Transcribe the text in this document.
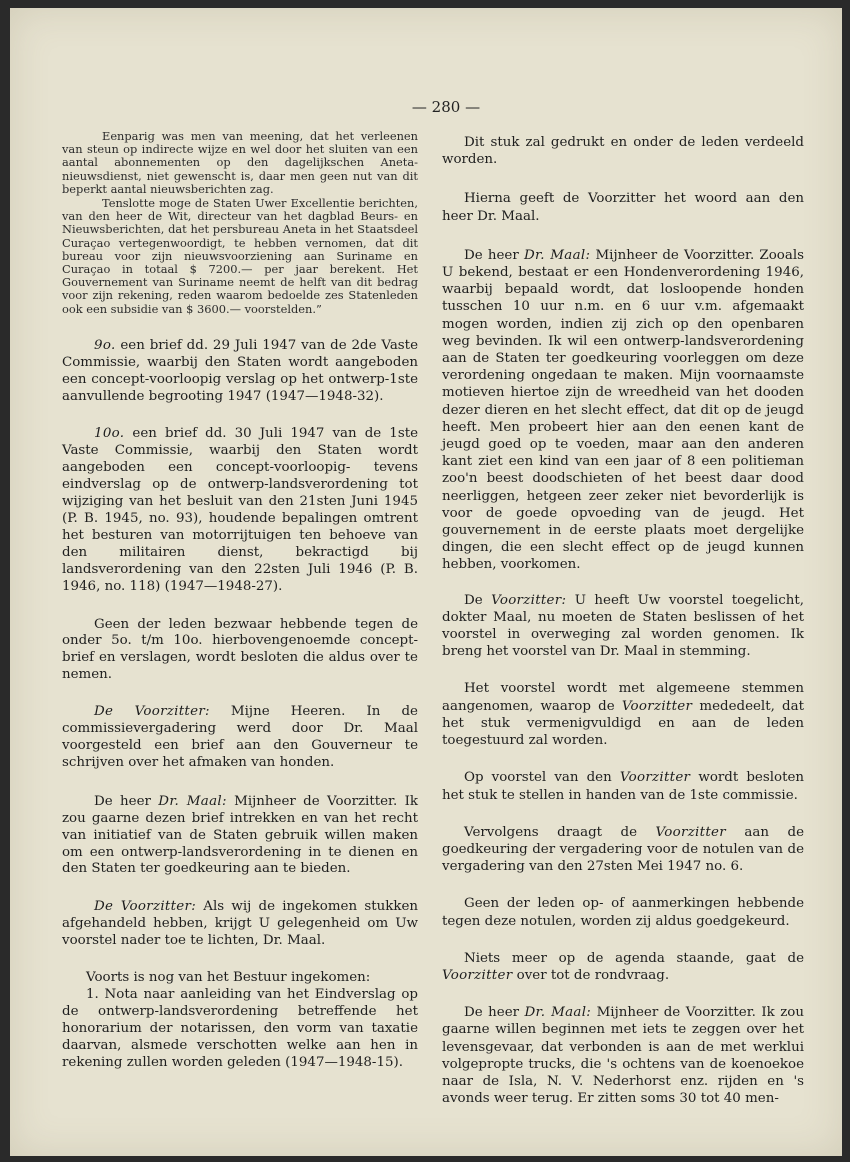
— 280 —

Eenparig was men van meening, dat het verleenen van steun op indirecte wijze en wel door het sluiten van een aantal abonnementen op den dagelijkschen Aneta-nieuwsdienst, niet gewenscht is, daar men geen nut van dit beperkt aantal nieuwsberichten zag.

Tenslotte moge de Staten Uwer Excellentie berichten, van den heer de Wit, directeur van het dagblad Beurs- en Nieuwsberichten, dat het persbureau Aneta in het Staatsdeel Curaçao vertegenwoordigt, te hebben vernomen, dat dit bureau voor zijn nieuwsvoorziening aan Suriname en Curaçao in totaal $ 7200.— per jaar berekent. Het Gouvernement van Suriname neemt de helft van dit bedrag voor zijn rekening, reden waarom bedoelde zes Statenleden ook een subsidie van $ 3600.— voorstelden.”

9o. een brief dd. 29 Juli 1947 van de 2de Vaste Commissie, waarbij den Staten wordt aangeboden een concept-voorloopig verslag op het ontwerp-1ste aanvullende begrooting 1947 (1947—1948-32).

10o. een brief dd. 30 Juli 1947 van de 1ste Vaste Commissie, waarbij den Staten wordt aangeboden een concept-voorloopig- tevens eindverslag op de ontwerp-landsverordening tot wijziging van het besluit van den 21sten Juni 1945 (P. B. 1945, no. 93), houdende bepalingen omtrent het besturen van motorrijtuigen ten behoeve van den militairen dienst, bekractigd bij landsverordening van den 22sten Juli 1946 (P. B. 1946, no. 118) (1947—1948-27).

Geen der leden bezwaar hebbende tegen de onder 5o. t/m 10o. hierbovengenoemde concept-brief en verslagen, wordt besloten die aldus over te nemen.

De Voorzitter: Mijne Heeren. In de commissievergadering werd door Dr. Maal voorgesteld een brief aan den Gouverneur te schrijven over het afmaken van honden.

De heer Dr. Maal: Mijnheer de Voorzitter. Ik zou gaarne dezen brief intrekken en van het recht van initiatief van de Staten gebruik willen maken om een ontwerp-landsverordening in te dienen en den Staten ter goedkeuring aan te bieden.

De Voorzitter: Als wij de ingekomen stukken afgehandeld hebben, krijgt U gelegenheid om Uw voorstel nader toe te lichten, Dr. Maal.

Voorts is nog van het Bestuur ingekomen:

1. Nota naar aanleiding van het Eindverslag op de ontwerp-landsverordening betreffende het honorarium der notarissen, den vorm van taxatie daarvan, alsmede verschotten welke aan hen in rekening zullen worden geleden (1947—1948-15).

Dit stuk zal gedrukt en onder de leden verdeeld worden.

Hierna geeft de Voorzitter het woord aan den heer Dr. Maal.

De heer Dr. Maal: Mijnheer de Voorzitter. Zooals U bekend, bestaat er een Hondenverordening 1946, waarbij bepaald wordt, dat losloopende honden tusschen 10 uur n.m. en 6 uur v.m. afgemaakt mogen worden, indien zij zich op den openbaren weg bevinden. Ik wil een ontwerp-landsverordening aan de Staten ter goedkeuring voorleggen om deze verordening ongedaan te maken. Mijn voornaamste motieven hiertoe zijn de wreedheid van het dooden dezer dieren en het slecht effect, dat dit op de jeugd heeft. Men probeert hier aan den eenen kant de jeugd goed op te voeden, maar aan den anderen kant ziet een kind van een jaar of 8 een politieman zoo'n beest doodschieten of het beest daar dood neerliggen, hetgeen zeer zeker niet bevorderlijk is voor de goede opvoeding van de jeugd. Het gouvernement in de eerste plaats moet dergelijke dingen, die een slecht effect op de jeugd kunnen hebben, voorkomen.

De Voorzitter: U heeft Uw voorstel toegelicht, dokter Maal, nu moeten de Staten beslissen of het voorstel in overweging zal worden genomen. Ik breng het voorstel van Dr. Maal in stemming.

Het voorstel wordt met algemeene stemmen aangenomen, waarop de Voorzitter mededeelt, dat het stuk vermenigvuldigd en aan de leden toegestuurd zal worden.

Op voorstel van den Voorzitter wordt besloten het stuk te stellen in handen van de 1ste commissie.

Vervolgens draagt de Voorzitter aan de goedkeuring der vergadering voor de notulen van de vergadering van den 27sten Mei 1947 no. 6.

Geen der leden op- of aanmerkingen hebbende tegen deze notulen, worden zij aldus goedgekeurd.

Niets meer op de agenda staande, gaat de Voorzitter over tot de rondvraag.

De heer Dr. Maal: Mijnheer de Voorzitter. Ik zou gaarne willen beginnen met iets te zeggen over het levensgevaar, dat verbonden is aan de met werklui volgepropte trucks, die 's ochtens van de koenoekoe naar de Isla, N. V. Nederhorst enz. rijden en 's avonds weer terug. Er zitten soms 30 tot 40 men-
